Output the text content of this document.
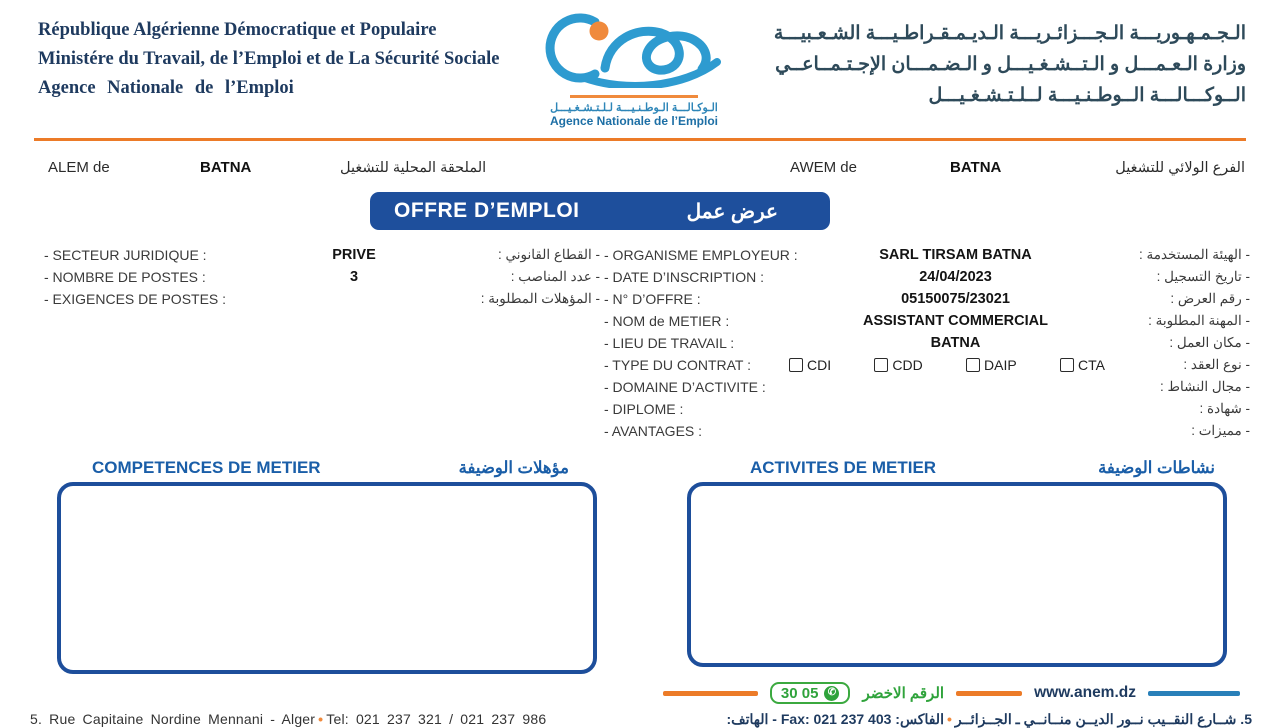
République Algérienne Démocratique et Populaire
Ministére du Travail, de l’Emploi et de La Sécurité Sociale
Agence Nationale de l’Emploi
الـوكـالـــة الـوطـنـيـــة لـلـتـشـغـيـــل
Agence Nationale de l’Emploi
الـجـمـهـوريـــة الـجـــزائـريـــة الـديـمـقـراطـيـــة الشـعـبيـــة
وزارة الـعـمـــل و الـتــشـغـيـــل و الـضـمـــان الإجـتـمــاعــي
الــوكـــالـــة الــوطـنـيـــة لــلـتـشـغـيـــل
ALEM de	BATNA	الملحقة المحلية للتشغيل	AWEM de	BATNA	الفرع الولائي للتشغيل
OFFRE D’EMPLOI	عرض عمل
- SECTEUR JURIDIQUE :	PRIVE	- القطاع القانوني :
- NOMBRE DE POSTES :	3	- عدد المناصب :
- EXIGENCES DE POSTES :	- المؤهلات المطلوبة :
- ORGANISME EMPLOYEUR :	SARL TIRSAM BATNA	- الهيئة المستخدمة :
- DATE D’INSCRIPTION :	24/04/2023	- تاريخ التسجيل :
- N° D’OFFRE :	05150075/23021	- رقم العرض :
- NOM de METIER :	ASSISTANT COMMERCIAL	- المهنة المطلوبة :
- LIEU DE TRAVAIL :	BATNA	- مكان العمل :
- TYPE DU CONTRAT :	CDI	CDD	DAIP	CTA	- نوع العقد :
- DOMAINE D’ACTIVITE :	- مجال النشاط :
- DIPLOME :	- شهادة :
- AVANTAGES :	- مميزات :
COMPETENCES DE METIER	مؤهلات الوضيفة	ACTIVITES DE METIER	نشاطات الوضيفة
30 05 ✆ الرقم الاخضر	www.anem.dz
5. Rue Capitaine Nordine Mennani - Alger • Tel: 021 237 321 / 021 237 986	5. شــارع النقــيب نــور الديــن منــانــي ـ الجــزائــر•الفاكس: Fax: 021 237 403 - الهاتف:
